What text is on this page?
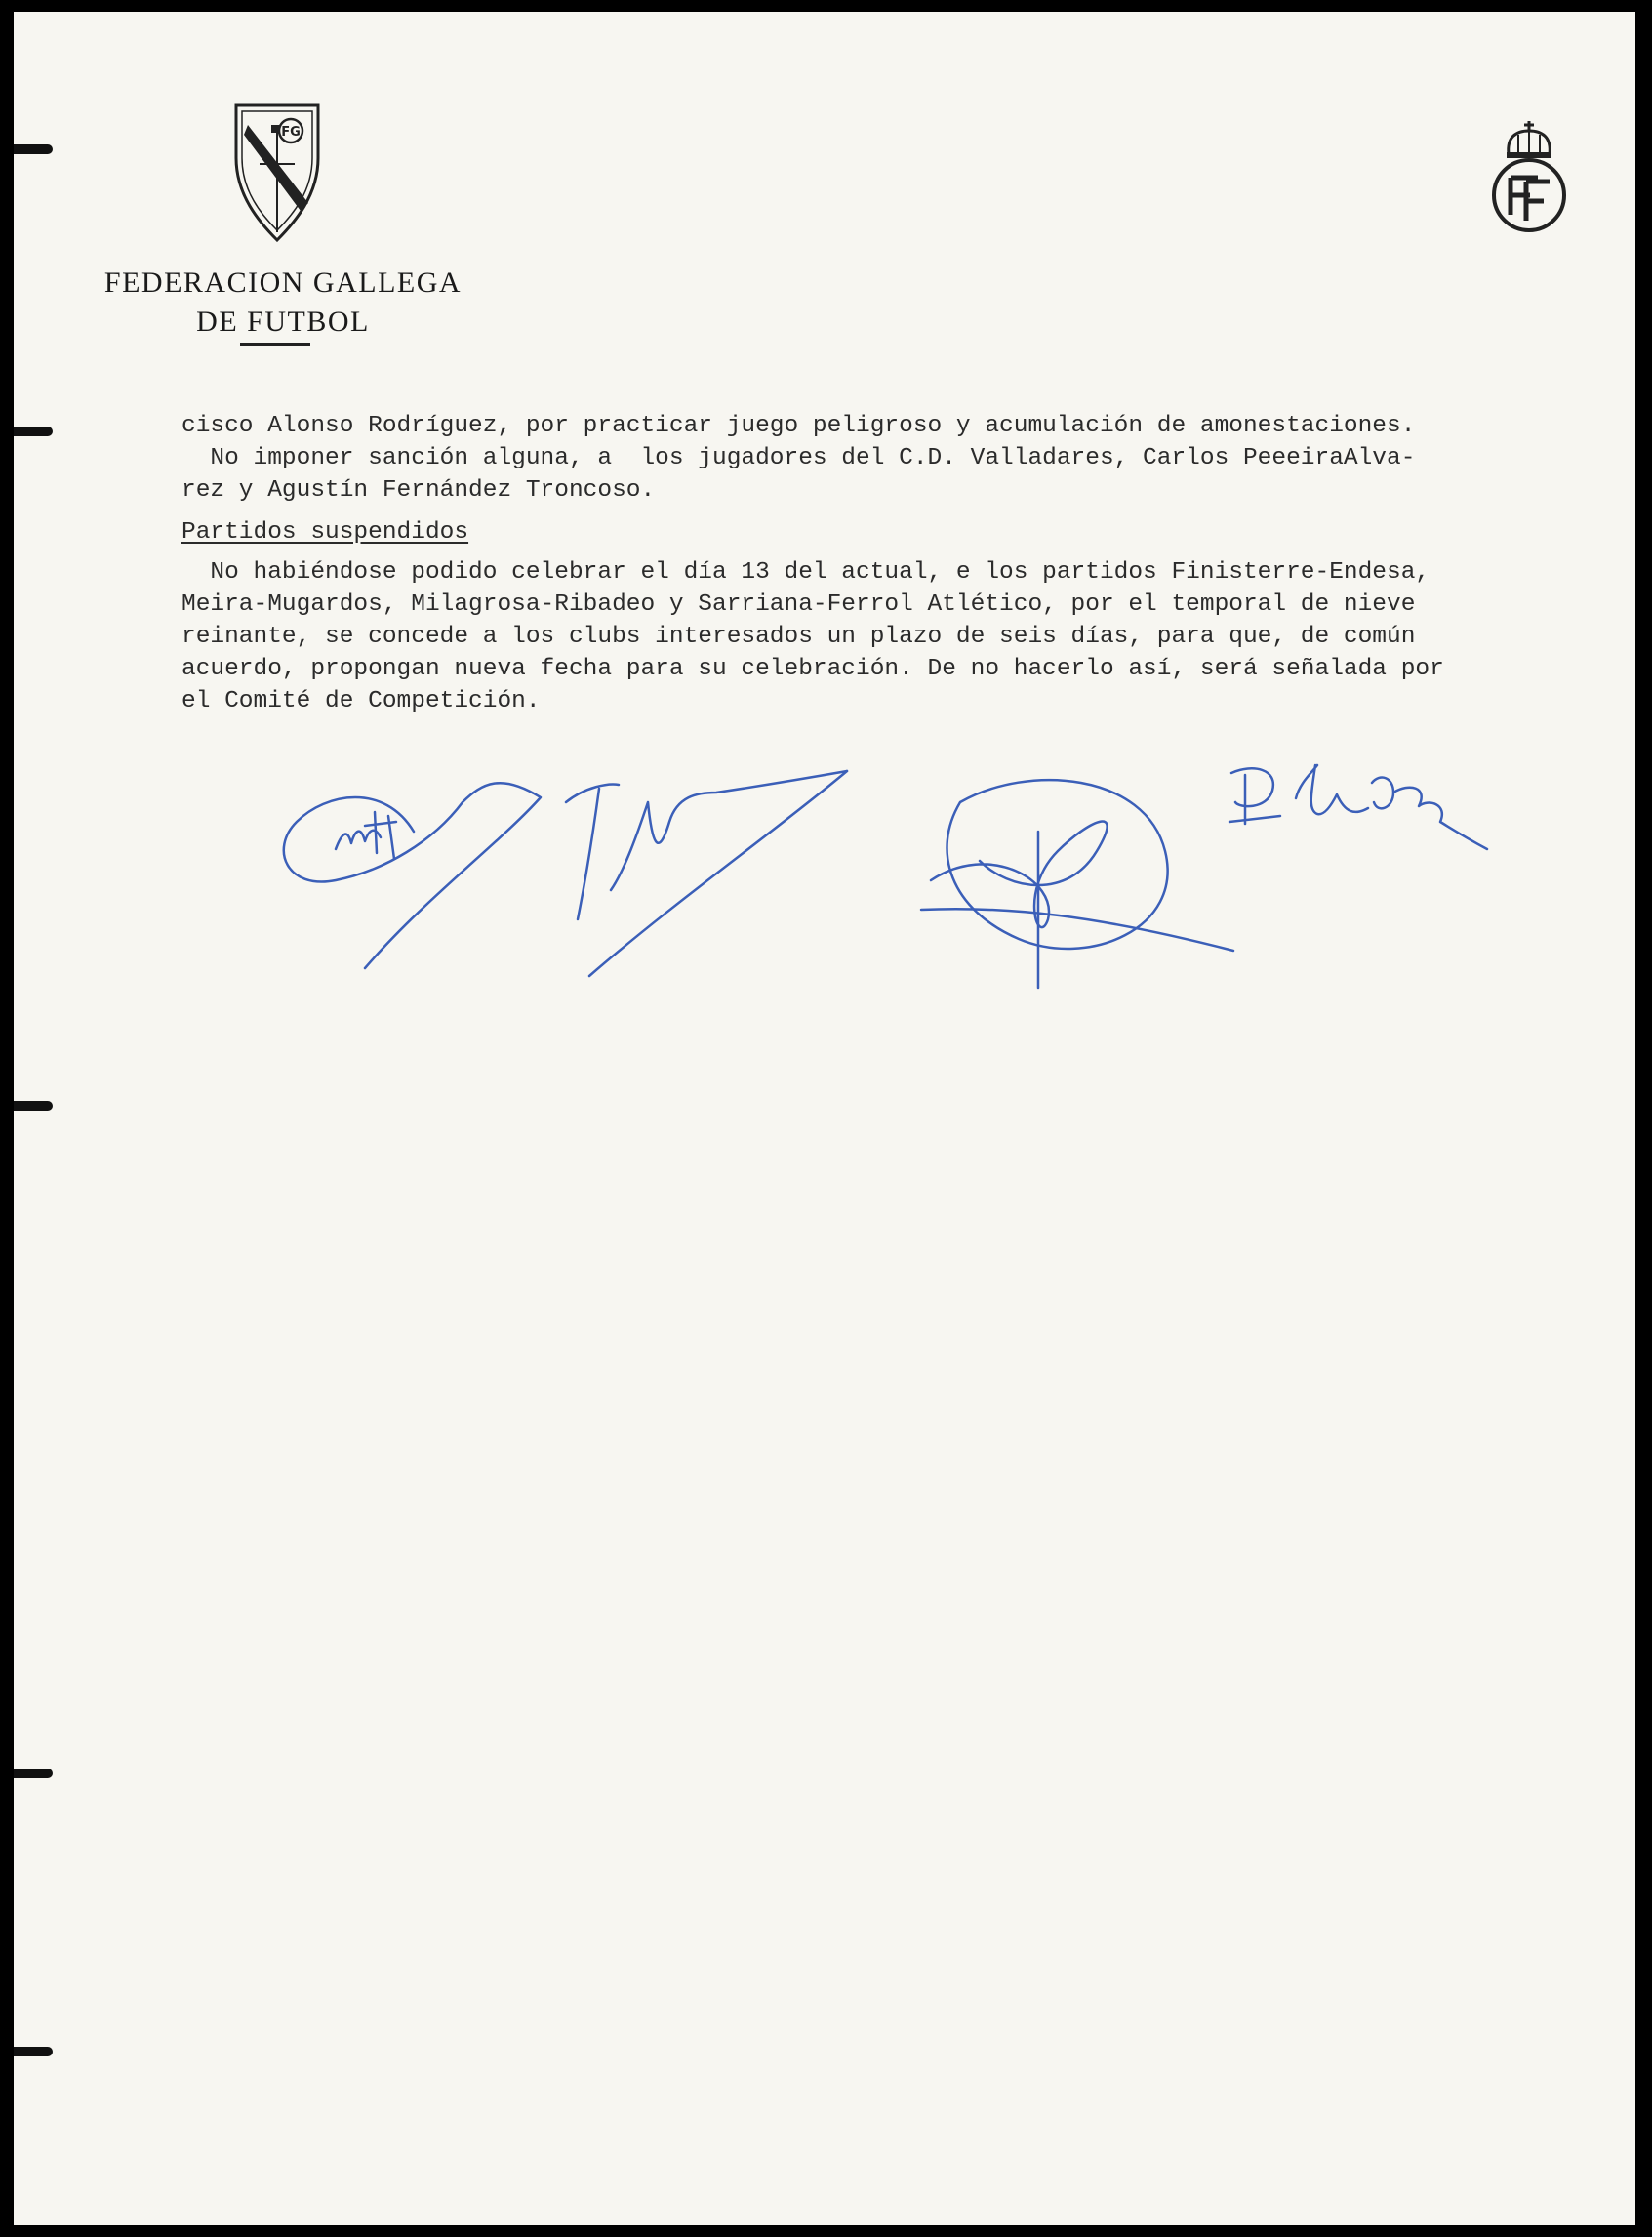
FG
FEDERACION GALLEGA
DE FUTBOL
cisco Alonso Rodríguez, por practicar juego peligroso y acumulación de amonestaciones.
No imponer sanción alguna, a  los jugadores del C.D. Valladares, Carlos PeeeiraAlva-
rez y Agustín Fernández Troncoso.
Partidos suspendidos
No habiéndose podido celebrar el día 13 del actual, e los partidos Finisterre-Endesa,
Meira-Mugardos, Milagrosa-Ribadeo y Sarriana-Ferrol Atlético, por el temporal de nieve
reinante, se concede a los clubs interesados un plazo de seis días, para que, de común
acuerdo, propongan nueva fecha para su celebración. De no hacerlo así, será señalada por
el Comité de Competición.
